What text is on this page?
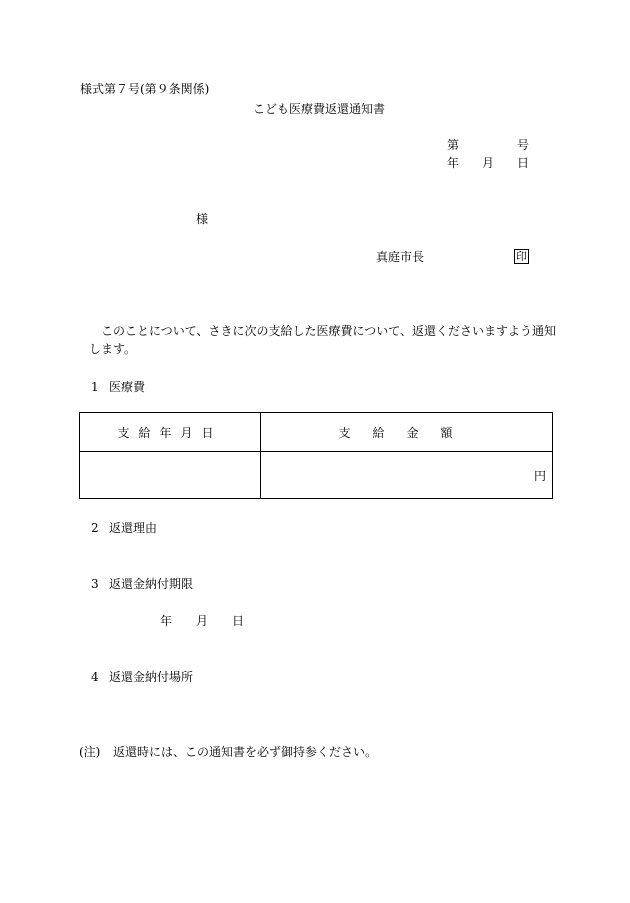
様式第７号(第９条関係)
こども医療費返還通知書
第	号
年 月 日
様
真庭市長	印
このことについて、さきに次の支給した医療費について、返還くださいますよう通知
します。
1 医療費
支給年月日	支給金額
	円
2 返還理由
3 返還金納付期限
年 月 日
4 返還金納付場所
(注) 返還時には、この通知書を必ず御持参ください。
